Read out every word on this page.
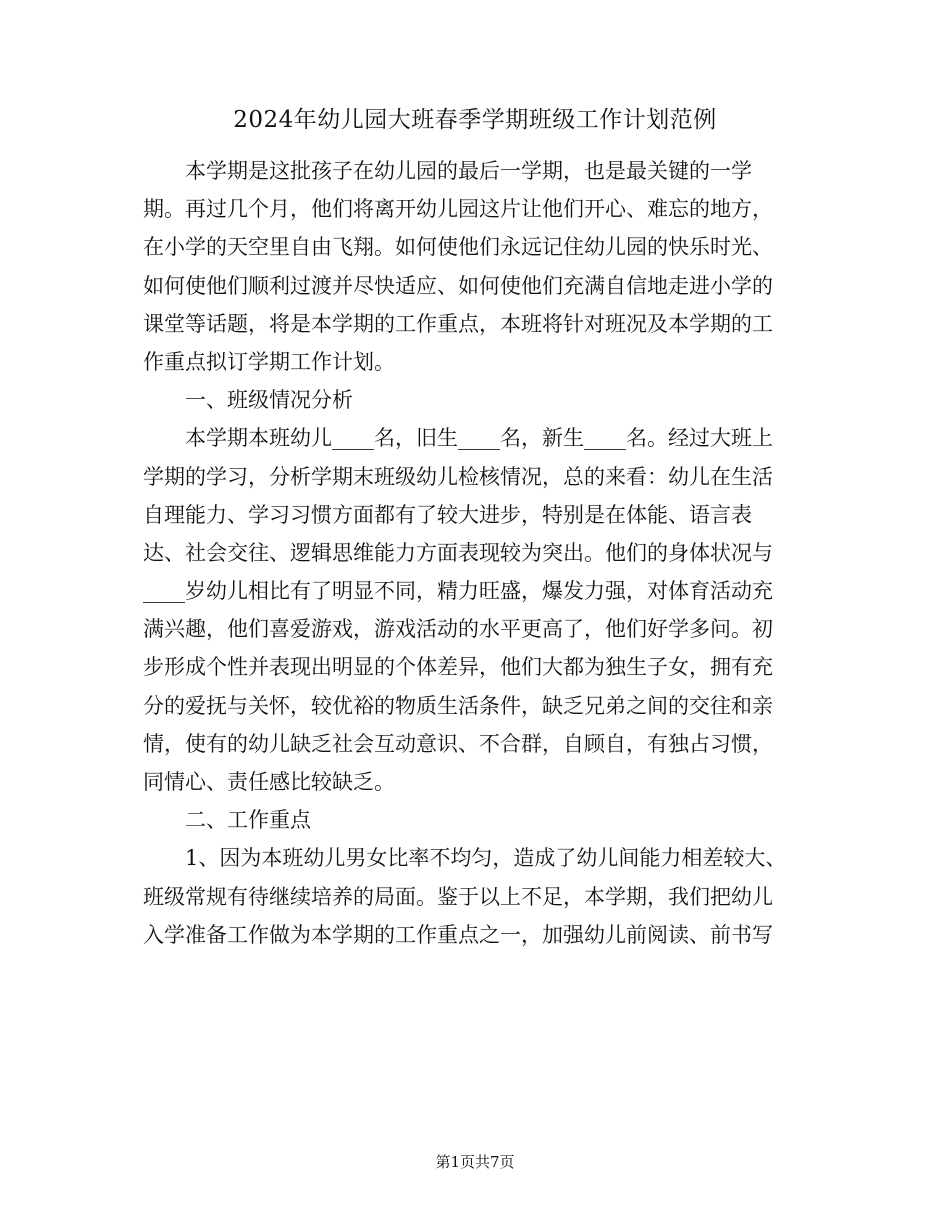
2024年幼儿园大班春季学期班级工作计划范例
　　本学期是这批孩子在幼儿园的最后一学期，也是最关键的一学
期。再过几个月，他们将离开幼儿园这片让他们开心、难忘的地方，
在小学的天空里自由飞翔。如何使他们永远记住幼儿园的快乐时光、
如何使他们顺利过渡并尽快适应、如何使他们充满自信地走进小学的
课堂等话题，将是本学期的工作重点，本班将针对班况及本学期的工
作重点拟订学期工作计划。
　　一、班级情况分析
　　本学期本班幼儿____名，旧生____名，新生____名。经过大班上
学期的学习，分析学期末班级幼儿检核情况，总的来看：幼儿在生活
自理能力、学习习惯方面都有了较大进步，特别是在体能、语言表
达、社会交往、逻辑思维能力方面表现较为突出。他们的身体状况与
____岁幼儿相比有了明显不同，精力旺盛，爆发力强，对体育活动充
满兴趣，他们喜爱游戏，游戏活动的水平更高了，他们好学多问。初
步形成个性并表现出明显的个体差异，他们大都为独生子女，拥有充
分的爱抚与关怀，较优裕的物质生活条件，缺乏兄弟之间的交往和亲
情，使有的幼儿缺乏社会互动意识、不合群，自顾自，有独占习惯，
同情心、责任感比较缺乏。
　　二、工作重点
　　1、因为本班幼儿男女比率不均匀，造成了幼儿间能力相差较大、
班级常规有待继续培养的局面。鉴于以上不足，本学期，我们把幼儿
入学准备工作做为本学期的工作重点之一，加强幼儿前阅读、前书写
第1页共7页
